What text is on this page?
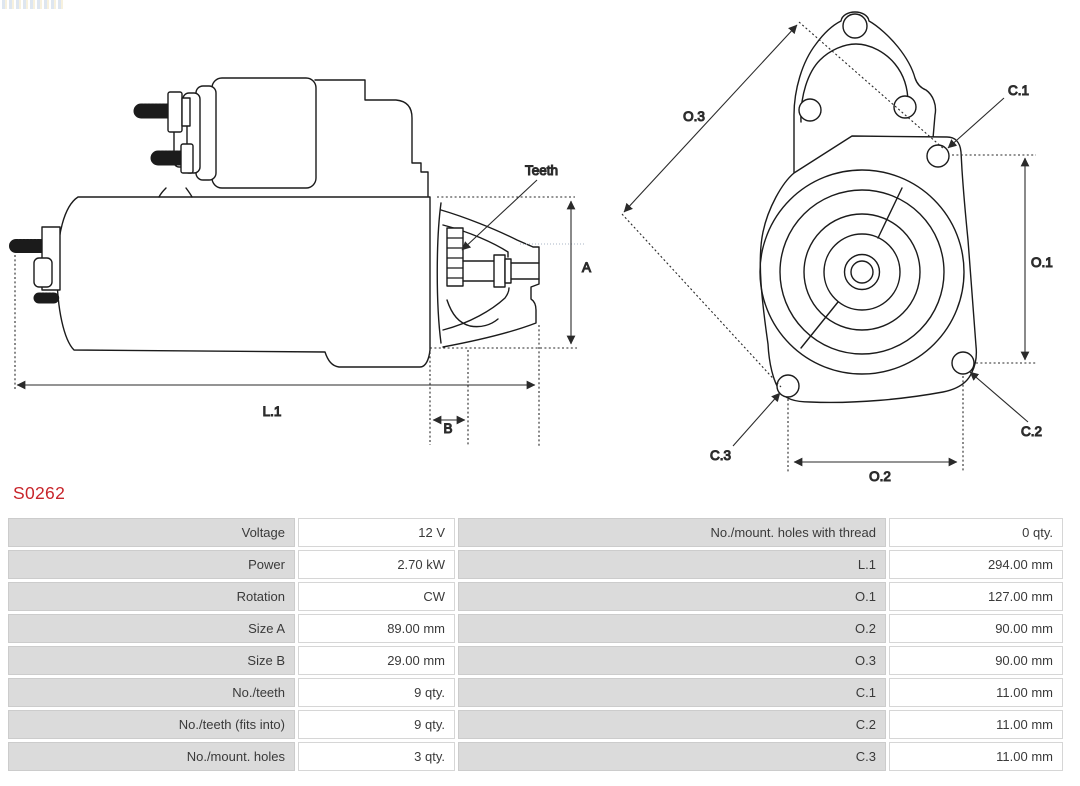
Teeth
A
L.1
B
O.3
O.1
O.2
C.1
C.2
C.3
S0262
Voltage	12 V	No./mount. holes with thread	0 qty.
Power	2.70 kW	L.1	294.00 mm
Rotation	CW	O.1	127.00 mm
Size A	89.00 mm	O.2	90.00 mm
Size B	29.00 mm	O.3	90.00 mm
No./teeth	9 qty.	C.1	11.00 mm
No./teeth (fits into)	9 qty.	C.2	11.00 mm
No./mount. holes	3 qty.	C.3	11.00 mm
